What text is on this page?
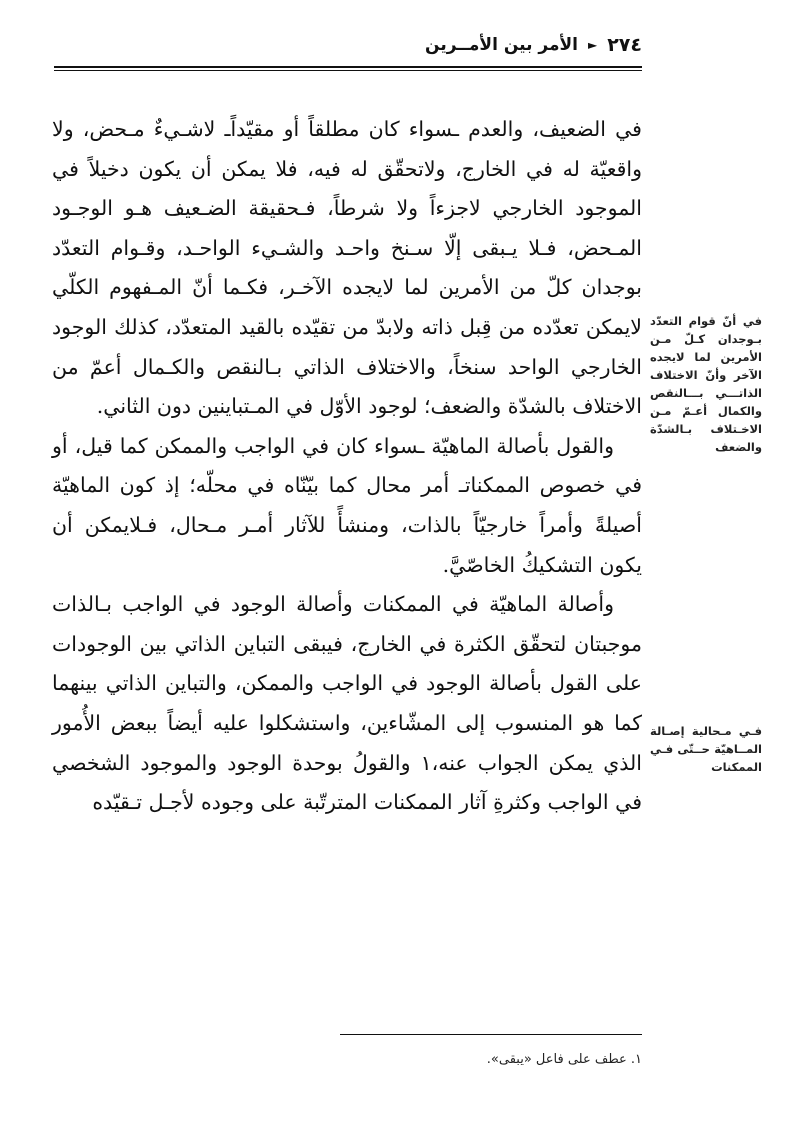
٢٧٤
►
الأمر بين الأمــرين
في أنّ قوام التعدّد بـوجدان كـلّ مـن الأمرين لما لايجده الآخر وأنّ الاختلاف الذاتـــي بـــالنقص والكمال أعـمّ مـن الاخـتلاف بـالشدّة والضعف
فـي مـحالية إصـالة المــاهيّة حــتّى فـي الممكنات

في الضعيف، والعدم ـسواء كان مطلقاً أو مقيّداًـ لاشـيءٌ مـحض، ولا واقعيّة له في الخارج، ولاتحقّق له فيه، فلا يمكن أن يكون دخيلاً في الموجود الخارجي لاجزءاً ولا شرطاً، فـحقيقة الضـعيف هـو الوجـود المـحض، فـلا يـبقى إلّا سـنخ واحـد والشـيء الواحـد، وقـوام التعدّد بوجدان كلّ من الأمرين لما لايجده الآخـر، فكـما أنّ المـفهوم الكلّي لايمكن تعدّده من قِبل ذاته ولابدّ من تقيّده بالقيد المتعدّد، كذلك الوجود الخارجي الواحد سنخاً، والاختلاف الذاتي بـالنقص والكـمال أعمّ من الاختلاف بالشدّة والضعف؛ لوجود الأوّل في المـتباينين دون الثاني.

والقول بأصالة الماهيّة ـسواء كان في الواجب والممكن كما قيل، أو في خصوص الممكناتـ أمر محال كما بيّنّاه في محلّه؛ إذ كون الماهيّة أصيلةً وأمراً خارجيّاً بالذات، ومنشأً للآثار أمـر مـحال، فـلايمكن أن يكون التشكيكُ الخاصّيَّ.

وأصالة الماهيّة في الممكنات وأصالة الوجود في الواجب بـالذات موجبتان لتحقّق الكثرة في الخارج، فيبقى التباين الذاتي بين الوجودات على القول بأصالة الوجود في الواجب والممكن، والتباين الذاتي بينهما كما هو المنسوب إلى المشّاءين، واستشكلوا عليه أيضاً ببعض الأُمور الذي يمكن الجواب عنه،١ والقولُ بوحدة الوجود والموجود الشخصي في الواجب وكثرةِ آثار الممكنات المترتّبة على وجوده لأجـل تـقيّده

١. عطف على فاعل «يبقى».
